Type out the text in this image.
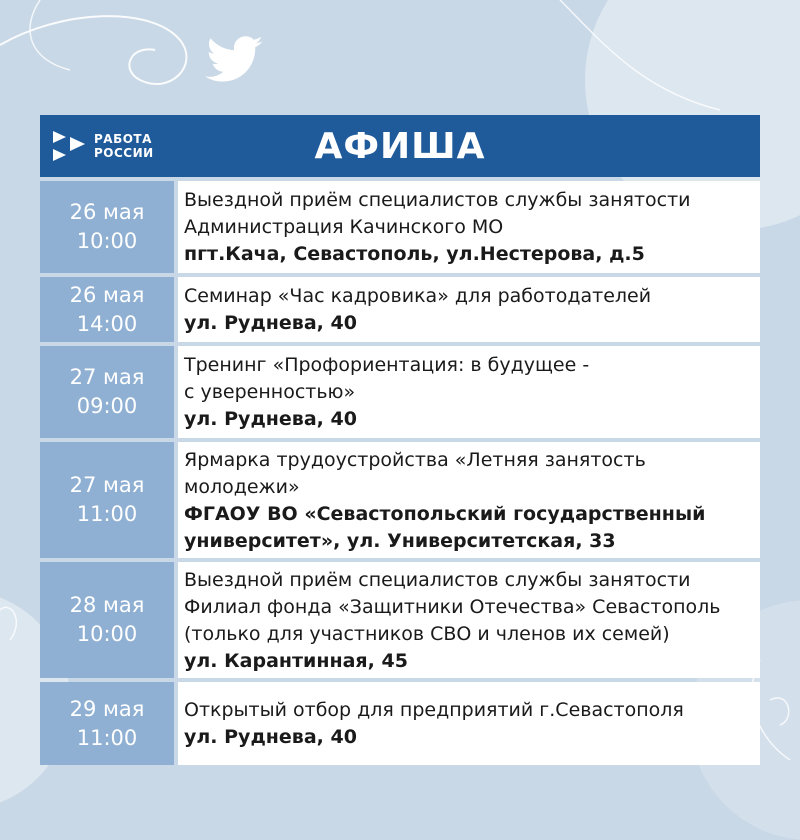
РАБОТА
РОССИИ	АФИША
26 мая
10:00
Выездной приём специалистов службы занятости
Администрация Качинского МО
пгт.Кача, Севастополь, ул.Нестерова, д.5
26 мая
14:00
Семинар «Час кадровика» для работодателей
ул. Руднева, 40
27 мая
09:00
Тренинг «Профориентация: в будущее -
с уверенностью»
ул. Руднева, 40
27 мая
11:00
Ярмарка трудоустройства «Летняя занятость
молодежи»
ФГАОУ ВО «Севастопольский государственный
университет», ул. Университетская, 33
28 мая
10:00
Выездной приём специалистов службы занятости
Филиал фонда «Защитники Отечества» Севастополь
(только для участников СВО и членов их семей)
ул. Карантинная, 45
29 мая
11:00
Открытый отбор для предприятий г.Севастополя
ул. Руднева, 40
